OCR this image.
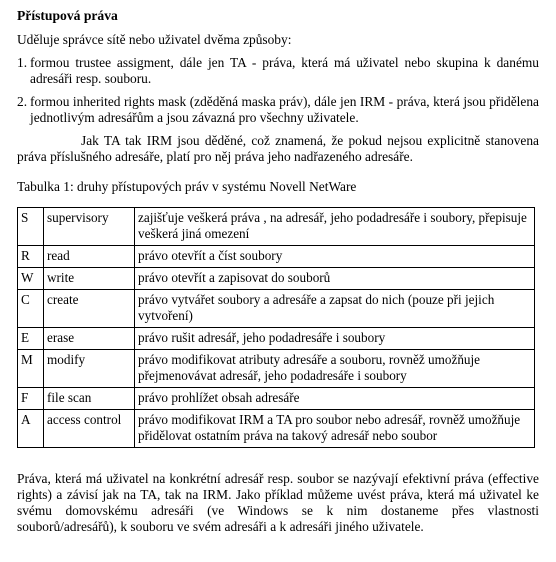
Přístupová práva

Uděluje správce sítě nebo uživatel dvěma způsoby:

1. formou trustee assigment, dále jen TA - práva, která má uživatel nebo skupina k danému adresáři resp. souboru.
2. formou inherited rights mask (zděděná maska práv), dále jen IRM - práva, která jsou přidělena jednotlivým adresářům a jsou závazná pro všechny uživatele.

Jak TA tak IRM jsou děděné, což znamená, že pokud nejsou explicitně stanovena práva příslušného adresáře, platí pro něj práva jeho nadřazeného adresáře.

Tabulka 1: druhy přístupových práv v systému Novell NetWare
S	supervisory	zajišťuje veškerá práva , na adresář, jeho podadresáře i soubory, přepisuje veškerá jiná omezení
R	read	právo otevřít a číst soubory
W	write	právo otevřít a zapisovat do souborů
C	create	právo vytvářet soubory a adresáře a zapsat do nich (pouze při jejich vytvoření)
E	erase	právo rušit adresář, jeho podadresáře i soubory
M	modify	právo modifikovat atributy adresáře a souboru, rovněž umožňuje přejmenovávat adresář, jeho podadresáře i soubory
F	file scan	právo prohlížet obsah adresáře
A	access control	právo modifikovat IRM a TA pro soubor nebo adresář, rovněž umožňuje přidělovat ostatním práva na takový adresář nebo soubor

Práva, která má uživatel na konkrétní adresář resp. soubor se nazývají efektivní práva (effective rights) a závisí jak na TA, tak na IRM. Jako příklad můžeme uvést práva, která má uživatel ke svému domovskému adresáři (ve Windows se k nim dostaneme přes vlastnosti souborů/adresářů), k souboru ve svém adresáři a k adresáři jiného uživatele.
